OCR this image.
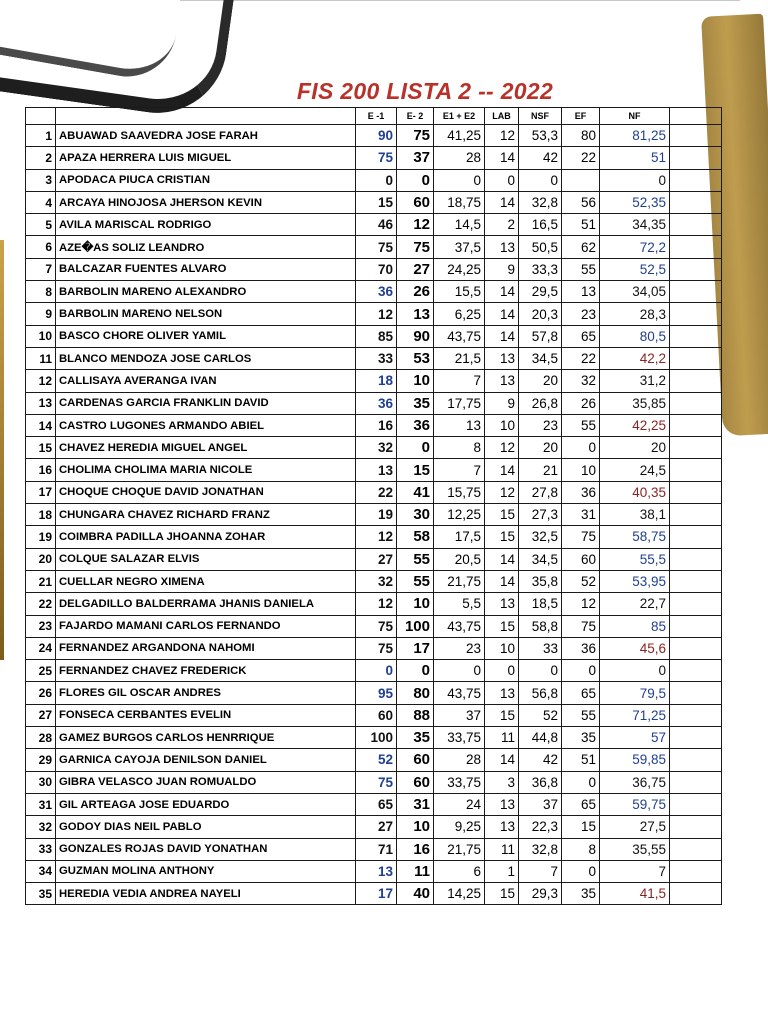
FIS 200 LISTA 2 -- 2022
		E -1	E- 2	E1 + E2	LAB	NSF	EF	NF	
1	ABUAWAD SAAVEDRA JOSE FARAH	90	75	41,25	12	53,3	80	81,25	
2	APAZA HERRERA LUIS MIGUEL	75	37	28	14	42	22	51	
3	APODACA PIUCA CRISTIAN	0	0	0	0	0		0	
4	ARCAYA HINOJOSA JHERSON KEVIN	15	60	18,75	14	32,8	56	52,35	
5	AVILA MARISCAL RODRIGO	46	12	14,5	2	16,5	51	34,35	
6	AZE�AS SOLIZ LEANDRO	75	75	37,5	13	50,5	62	72,2	
7	BALCAZAR FUENTES ALVARO	70	27	24,25	9	33,3	55	52,5	
8	BARBOLIN MARENO ALEXANDRO	36	26	15,5	14	29,5	13	34,05	
9	BARBOLIN MARENO NELSON	12	13	6,25	14	20,3	23	28,3	
10	BASCO CHORE OLIVER YAMIL	85	90	43,75	14	57,8	65	80,5	
11	BLANCO MENDOZA JOSE CARLOS	33	53	21,5	13	34,5	22	42,2	
12	CALLISAYA AVERANGA IVAN	18	10	7	13	20	32	31,2	
13	CARDENAS GARCIA FRANKLIN DAVID	36	35	17,75	9	26,8	26	35,85	
14	CASTRO LUGONES ARMANDO ABIEL	16	36	13	10	23	55	42,25	
15	CHAVEZ HEREDIA MIGUEL ANGEL	32	0	8	12	20	0	20	
16	CHOLIMA CHOLIMA MARIA NICOLE	13	15	7	14	21	10	24,5	
17	CHOQUE CHOQUE DAVID JONATHAN	22	41	15,75	12	27,8	36	40,35	
18	CHUNGARA CHAVEZ RICHARD FRANZ	19	30	12,25	15	27,3	31	38,1	
19	COIMBRA PADILLA JHOANNA ZOHAR	12	58	17,5	15	32,5	75	58,75	
20	COLQUE SALAZAR ELVIS	27	55	20,5	14	34,5	60	55,5	
21	CUELLAR NEGRO XIMENA	32	55	21,75	14	35,8	52	53,95	
22	DELGADILLO BALDERRAMA JHANIS DANIELA	12	10	5,5	13	18,5	12	22,7	
23	FAJARDO MAMANI CARLOS FERNANDO	75	100	43,75	15	58,8	75	85	
24	FERNANDEZ ARGANDONA NAHOMI	75	17	23	10	33	36	45,6	
25	FERNANDEZ CHAVEZ FREDERICK	0	0	0	0	0	0	0	
26	FLORES GIL OSCAR ANDRES	95	80	43,75	13	56,8	65	79,5	
27	FONSECA CERBANTES EVELIN	60	88	37	15	52	55	71,25	
28	GAMEZ BURGOS CARLOS HENRRIQUE	100	35	33,75	11	44,8	35	57	
29	GARNICA CAYOJA DENILSON DANIEL	52	60	28	14	42	51	59,85	
30	GIBRA VELASCO JUAN ROMUALDO	75	60	33,75	3	36,8	0	36,75	
31	GIL ARTEAGA JOSE EDUARDO	65	31	24	13	37	65	59,75	
32	GODOY DIAS NEIL PABLO	27	10	9,25	13	22,3	15	27,5	
33	GONZALES ROJAS DAVID YONATHAN	71	16	21,75	11	32,8	8	35,55	
34	GUZMAN MOLINA ANTHONY	13	11	6	1	7	0	7	
35	HEREDIA VEDIA ANDREA NAYELI	17	40	14,25	15	29,3	35	41,5	
